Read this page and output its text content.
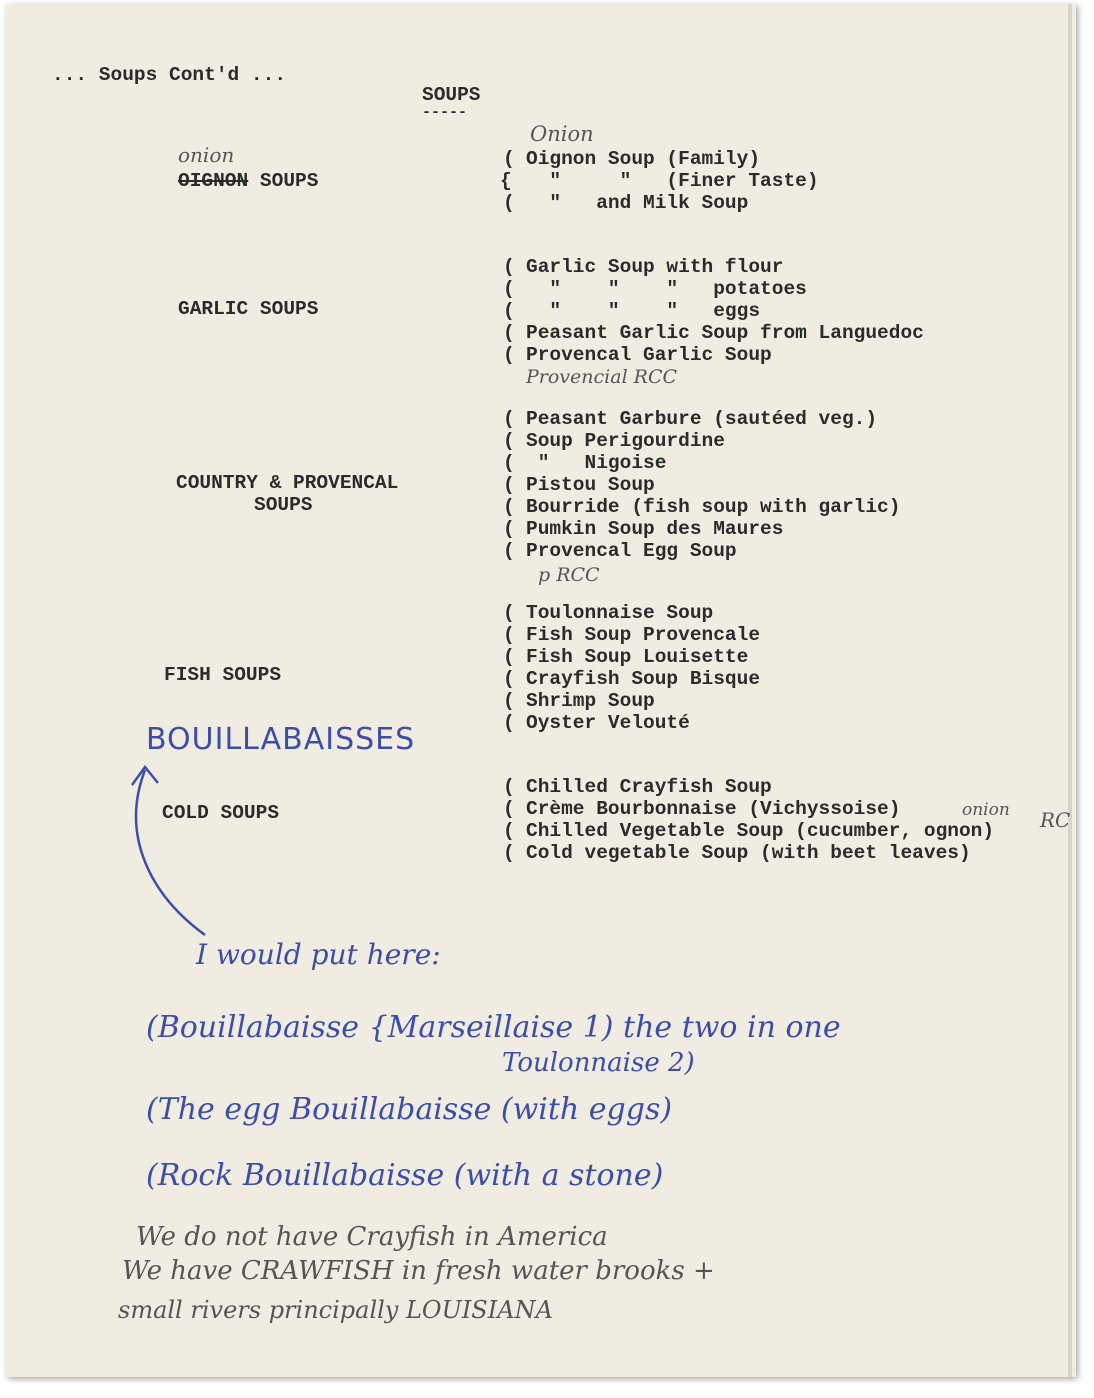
... Soups Cont'd ...
SOUPS
-----
onion
OIGNON SOUPS
Onion
(
{
(
Oignon Soup (Family)
"     "   (Finer Taste)
"   and Milk Soup
GARLIC SOUPS
(
(
(
(
(
Garlic Soup with flour
"    "    "   potatoes
"    "    "   eggs
Peasant Garlic Soup from Languedoc
Provencal Garlic Soup
Provencial RCC
COUNTRY & PROVENCAL
SOUPS
(
(
(
(
(
(
(
Peasant Garbure (sautéed veg.)
Soup Perigourdine
"   Nigoise
Pistou Soup
Bourride (fish soup with garlic)
Pumkin Soup des Maures
Provencal Egg Soup
p RCC
FISH SOUPS
(
(
(
(
(
(
Toulonnaise Soup
Fish Soup Provencale
Fish Soup Louisette
Crayfish Soup Bisque
Shrimp Soup
Oyster Velouté
BOUILLABAISSES
COLD SOUPS
(
(
(
(
Chilled Crayfish Soup
Crème Bourbonnaise (Vichyssoise)
Chilled Vegetable Soup (cucumber, ognon)
Cold vegetable Soup (with beet leaves)
onion RC
I would put here:
(Bouillabaisse {Marseillaise 1) the two in one
Toulonnaise 2)
(The egg Bouillabaisse (with eggs)
(Rock Bouillabaisse (with a stone)
We do not have Crayfish in America
We have CRAWFISH in fresh water brooks +
small rivers principally LOUISIANA
